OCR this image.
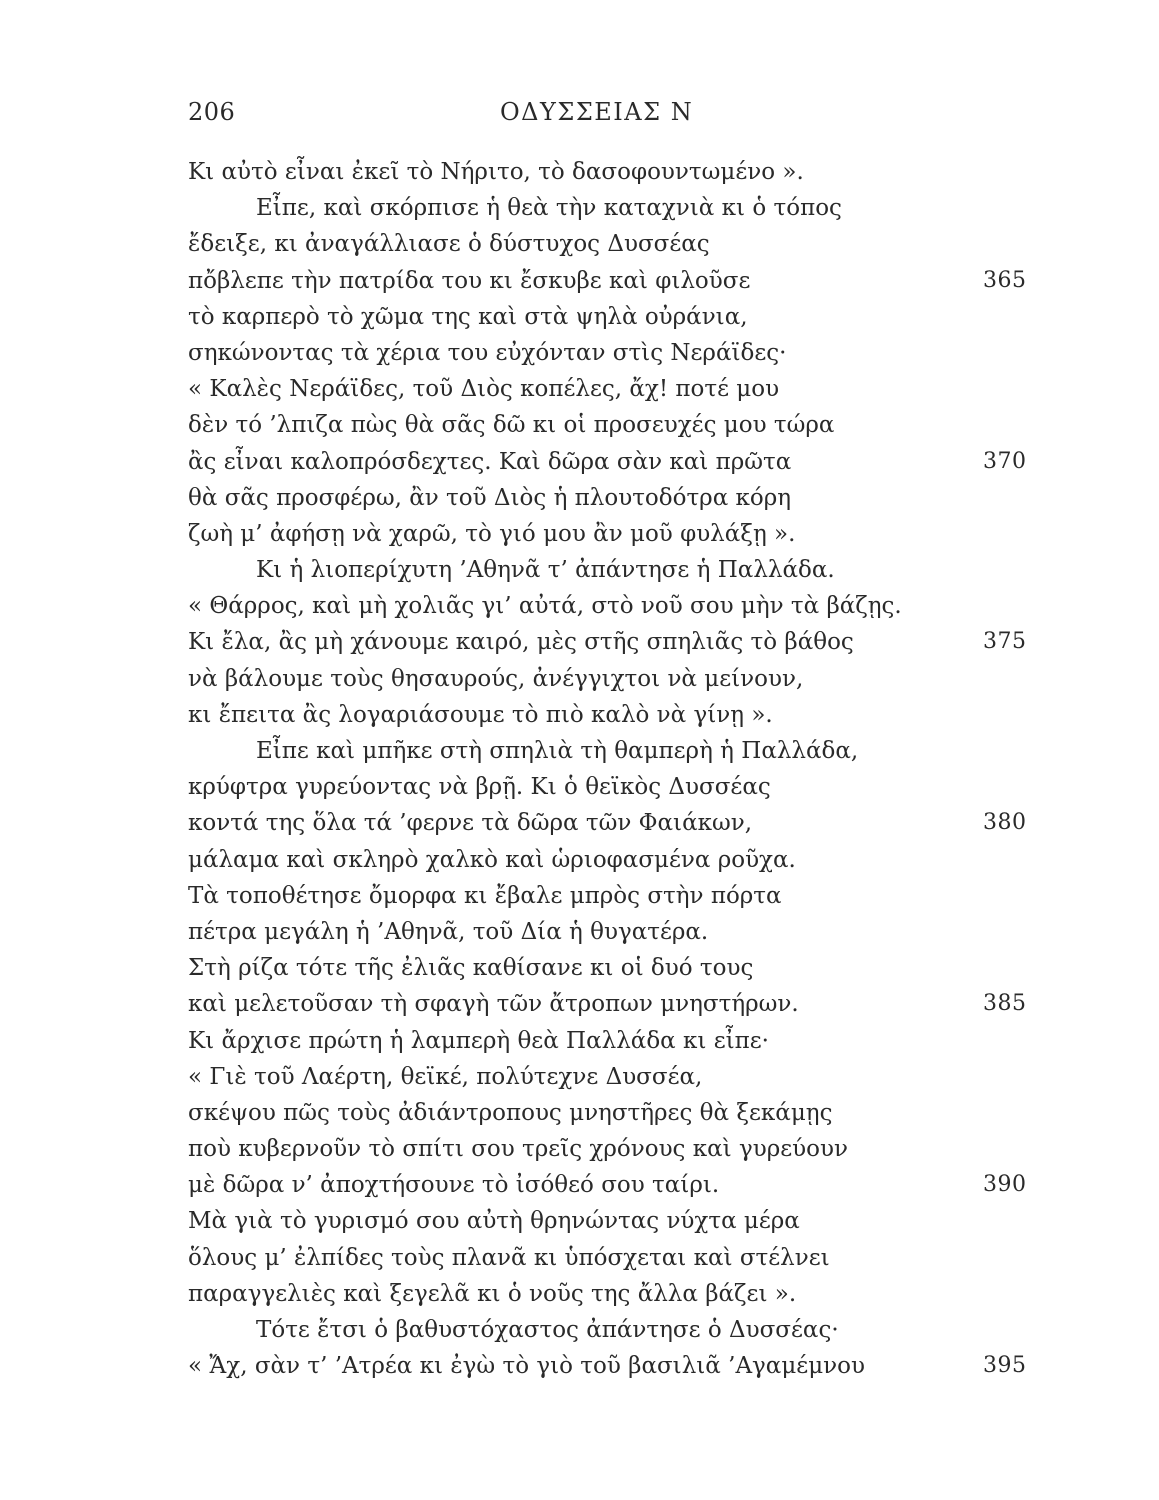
206	ΟΔΥΣΣΕΙΑΣ Ν
Κι αὐτὸ εἶναι ἐκεῖ τὸ Νήριτο, τὸ δασοφουντωμένο ».
Εἶπε, καὶ σκόρπισε ἡ θεὰ τὴν καταχνιὰ κι ὁ τόπος
ἔδειξε, κι ἀναγάλλιασε ὁ δύστυχος Δυσσέας
πὄβλεπε τὴν πατρίδα του κι ἔσκυβε καὶ φιλοῦσε	365
τὸ καρπερὸ τὸ χῶμα της καὶ στὰ ψηλὰ οὐράνια,
σηκώνοντας τὰ χέρια του εὐχόνταν στὶς Νεράϊδες·
« Καλὲς Νεράϊδες, τοῦ Διὸς κοπέλες, ἄχ! ποτέ μου
δὲν τό ’λπιζα πὼς θὰ σᾶς δῶ κι οἱ προσευχές μου τώρα
ἂς εἶναι καλοπρόσδεχτες. Καὶ δῶρα σὰν καὶ πρῶτα	370
θὰ σᾶς προσφέρω, ἂν τοῦ Διὸς ἡ πλουτοδότρα κόρη
ζωὴ μ’ ἀφήσῃ νὰ χαρῶ, τὸ γιό μου ἂν μοῦ φυλάξῃ ».
Κι ἡ λιοπερίχυτη ’Αθηνᾶ τ’ ἀπάντησε ἡ Παλλάδα.
« Θάρρος, καὶ μὴ χολιᾶς γι’ αὐτά, στὸ νοῦ σου μὴν τὰ βάζῃς.
Κι ἔλα, ἂς μὴ χάνουμε καιρό, μὲς στῆς σπηλιᾶς τὸ βάθος	375
νὰ βάλουμε τοὺς θησαυρούς, ἀνέγγιχτοι νὰ μείνουν,
κι ἔπειτα ἂς λογαριάσουμε τὸ πιὸ καλὸ νὰ γίνῃ ».
Εἶπε καὶ μπῆκε στὴ σπηλιὰ τὴ θαμπερὴ ἡ Παλλάδα,
κρύφτρα γυρεύοντας νὰ βρῇ. Κι ὁ θεϊκὸς Δυσσέας
κοντά της ὅλα τά ’φερνε τὰ δῶρα τῶν Φαιάκων,	380
μάλαμα καὶ σκληρὸ χαλκὸ καὶ ὡριοφασμένα ροῦχα.
Τὰ τοποθέτησε ὄμορφα κι ἔβαλε μπρὸς στὴν πόρτα
πέτρα μεγάλη ἡ ’Αθηνᾶ, τοῦ Δία ἡ θυγατέρα.
Στὴ ρίζα τότε τῆς ἐλιᾶς καθίσανε κι οἱ δυό τους
καὶ μελετοῦσαν τὴ σφαγὴ τῶν ἄτροπων μνηστήρων.	385
Κι ἄρχισε πρώτη ἡ λαμπερὴ θεὰ Παλλάδα κι εἶπε·
« Γιὲ τοῦ Λαέρτη, θεϊκέ, πολύτεχνε Δυσσέα,
σκέψου πῶς τοὺς ἀδιάντροπους μνηστῆρες θὰ ξεκάμῃς
ποὺ κυβερνοῦν τὸ σπίτι σου τρεῖς χρόνους καὶ γυρεύουν
μὲ δῶρα ν’ ἀποχτήσουνε τὸ ἰσόθεό σου ταίρι.	390
Μὰ γιὰ τὸ γυρισμό σου αὐτὴ θρηνώντας νύχτα μέρα
ὅλους μ’ ἐλπίδες τοὺς πλανᾶ κι ὑπόσχεται καὶ στέλνει
παραγγελιὲς καὶ ξεγελᾶ κι ὁ νοῦς της ἄλλα βάζει ».
Τότε ἔτσι ὁ βαθυστόχαστος ἀπάντησε ὁ Δυσσέας·
« Ἄχ, σὰν τ’ ’Ατρέα κι ἐγὼ τὸ γιὸ τοῦ βασιλιᾶ ’Αγαμέμνου	395
